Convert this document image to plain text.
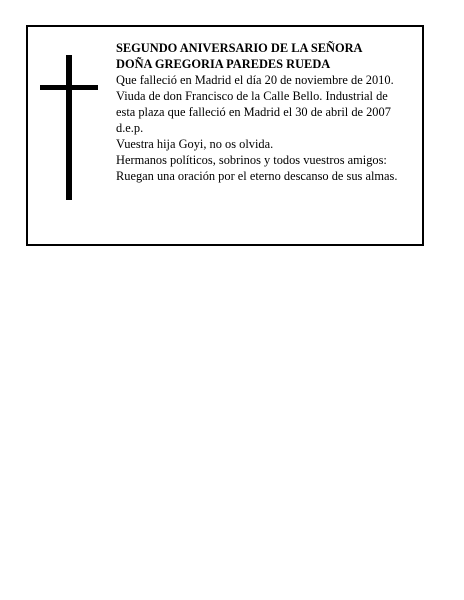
SEGUNDO ANIVERSARIO DE LA SEÑORA
DOÑA GREGORIA PAREDES RUEDA
Que falleció en Madrid el día 20 de noviembre de 2010.
Viuda de don Francisco de la Calle Bello. Industrial de
esta plaza que falleció en Madrid el 30 de abril de 2007
d.e.p.
Vuestra hija Goyi, no os olvida.
Hermanos políticos, sobrinos y todos vuestros amigos:
Ruegan una oración por el eterno descanso de sus almas.
